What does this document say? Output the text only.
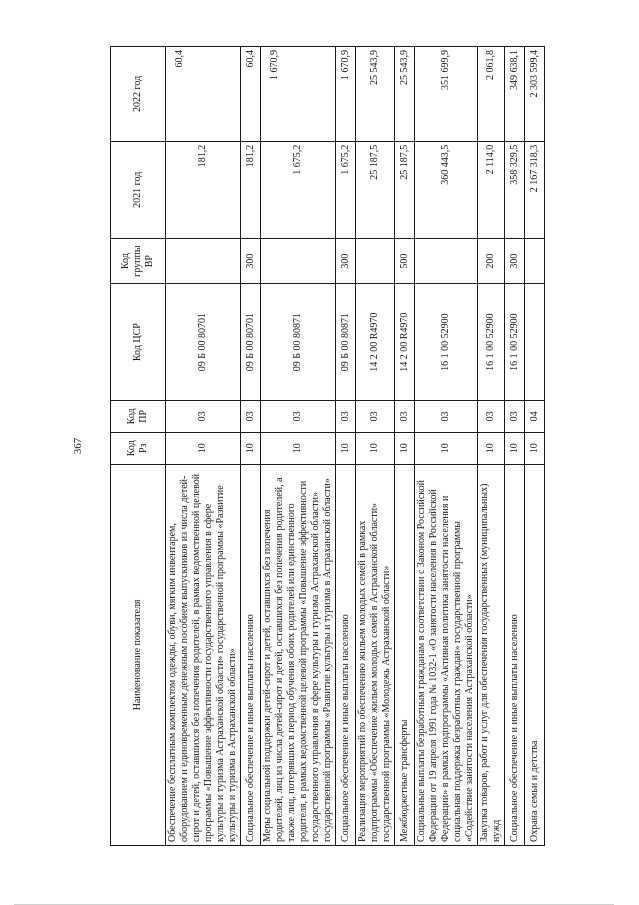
367
Наименование показателя	Код Рз	Код ПР	Код ЦСР	Код группы ВР	2021 год	2022 год
Обеспечение бесплатным комплектом одежды, обуви, мягким инвентарем, оборудованием и единовременным денежным пособием выпускников из числа детей-сирот и детей, оставшихся без попечения родителей, в рамках ведомственной целевой программы «Повышение эффективности государственного управления в сфере культуры и туризма Астраханской области» государственной программы «Развитие культуры и туризма в Астраханской области»	10	03	09 Б 00 80701		181,2	60,4
Социальное обеспечение и иные выплаты населению	10	03	09 Б 00 80701	300	181,2	60,4
Меры социальной поддержки детей-сирот и детей, оставшихся без попечения родителей, лиц из числа детей-сирот и детей, оставшихся без попечения родителей, а также лиц, потерявших в период обучения обоих родителей или единственного родителя, в рамках ведомственной целевой программы «Повышение эффективности государственного управления в сфере культуры и туризма Астраханской области» государственной программы «Развитие культуры и туризма в Астраханской области»	10	03	09 Б 00 80871		1 675,2	1 670,9
Социальное обеспечение и иные выплаты населению	10	03	09 Б 00 80871	300	1 675,2	1 670,9
Реализация мероприятий по обеспечению жильем молодых семей в рамках подпрограммы «Обеспечение жильем молодых семей в Астраханской области» государственной программы «Молодежь Астраханской области»	10	03	14 2 00 R4970		25 187,5	25 543,9
Межбюджетные трансферты	10	03	14 2 00 R4970	500	25 187,5	25 543,9
Социальные выплаты безработным гражданам в соответствии с Законом Российской Федерации от 19 апреля 1991 года № 1032-1 «О занятости населения в Российской Федерации» в рамках подпрограммы «Активная политика занятости населения и социальная поддержка безработных граждан» государственной программы «Содействие занятости населения Астраханской области»	10	03	16 1 00 52900		360 443,5	351 699,9
Закупка товаров, работ и услуг для обеспечения государственных (муниципальных) нужд	10	03	16 1 00 52900	200	2 114,0	2 061,8
Социальное обеспечение и иные выплаты населению	10	03	16 1 00 52900	300	358 329,5	349 638,1
Охрана семьи и детства	10	04			2 167 318,3	2 303 599,4
